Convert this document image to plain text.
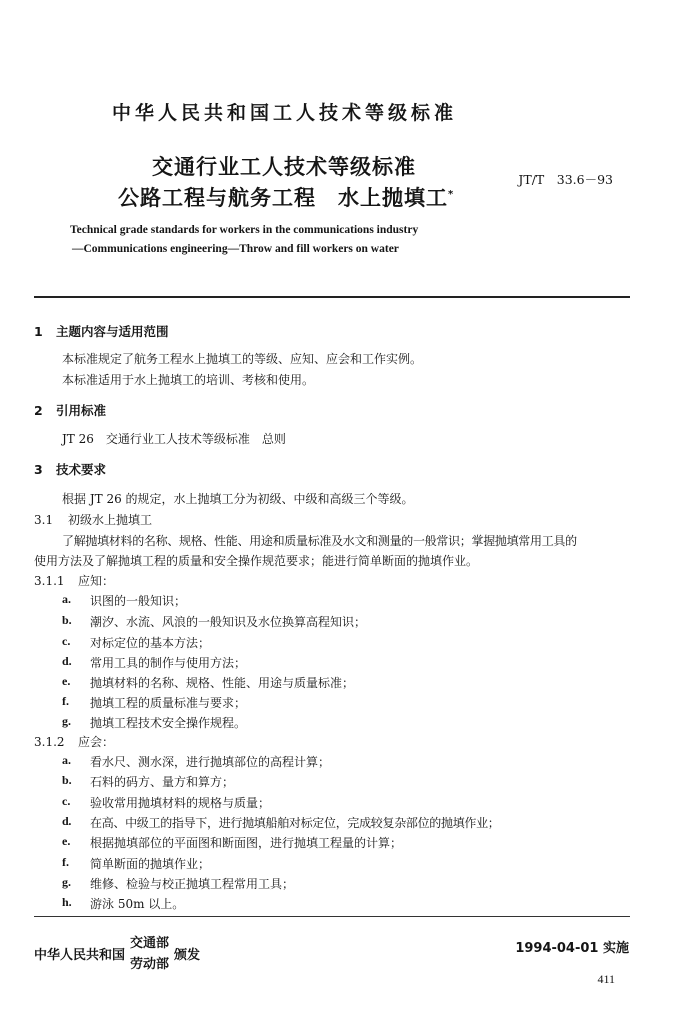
中华人民共和国工人技术等级标准
交通行业工人技术等级标准
公路工程与航务工程　水上抛填工*
JT/T　33.6－93
Technical grade standards for workers in the communications industry
—Communications engineering—Throw and fill workers on water
1 主题内容与适用范围
本标准规定了航务工程水上抛填工的等级、应知、应会和工作实例。
本标准适用于水上抛填工的培训、考核和使用。
2 引用标准
JT 26　交通行业工人技术等级标准　总则
3 技术要求
根据 JT 26 的规定，水上抛填工分为初级、中级和高级三个等级。
3.1 初级水上抛填工
了解抛填材料的名称、规格、性能、用途和质量标准及水文和测量的一般常识；掌握抛填常用工具的
使用方法及了解抛填工程的质量和安全操作规范要求；能进行简单断面的抛填作业。
3.1.1 应知：
a. 识图的一般知识；
b. 潮汐、水流、风浪的一般知识及水位换算高程知识；
c. 对标定位的基本方法；
d. 常用工具的制作与使用方法；
e. 抛填材料的名称、规格、性能、用途与质量标准；
f. 抛填工程的质量标准与要求；
g. 抛填工程技术安全操作规程。
3.1.2 应会：
a. 看水尺、测水深，进行抛填部位的高程计算；
b. 石料的码方、量方和算方；
c. 验收常用抛填材料的规格与质量；
d. 在高、中级工的指导下，进行抛填船舶对标定位，完成较复杂部位的抛填作业；
e. 根据抛填部位的平面图和断面图，进行抛填工程量的计算；
f. 简单断面的抛填作业；
g. 维修、检验与校正抛填工程常用工具；
h. 游泳 50m 以上。
中华人民共和国
交通部
劳动部
颁发	1994-04-01 实施
411
